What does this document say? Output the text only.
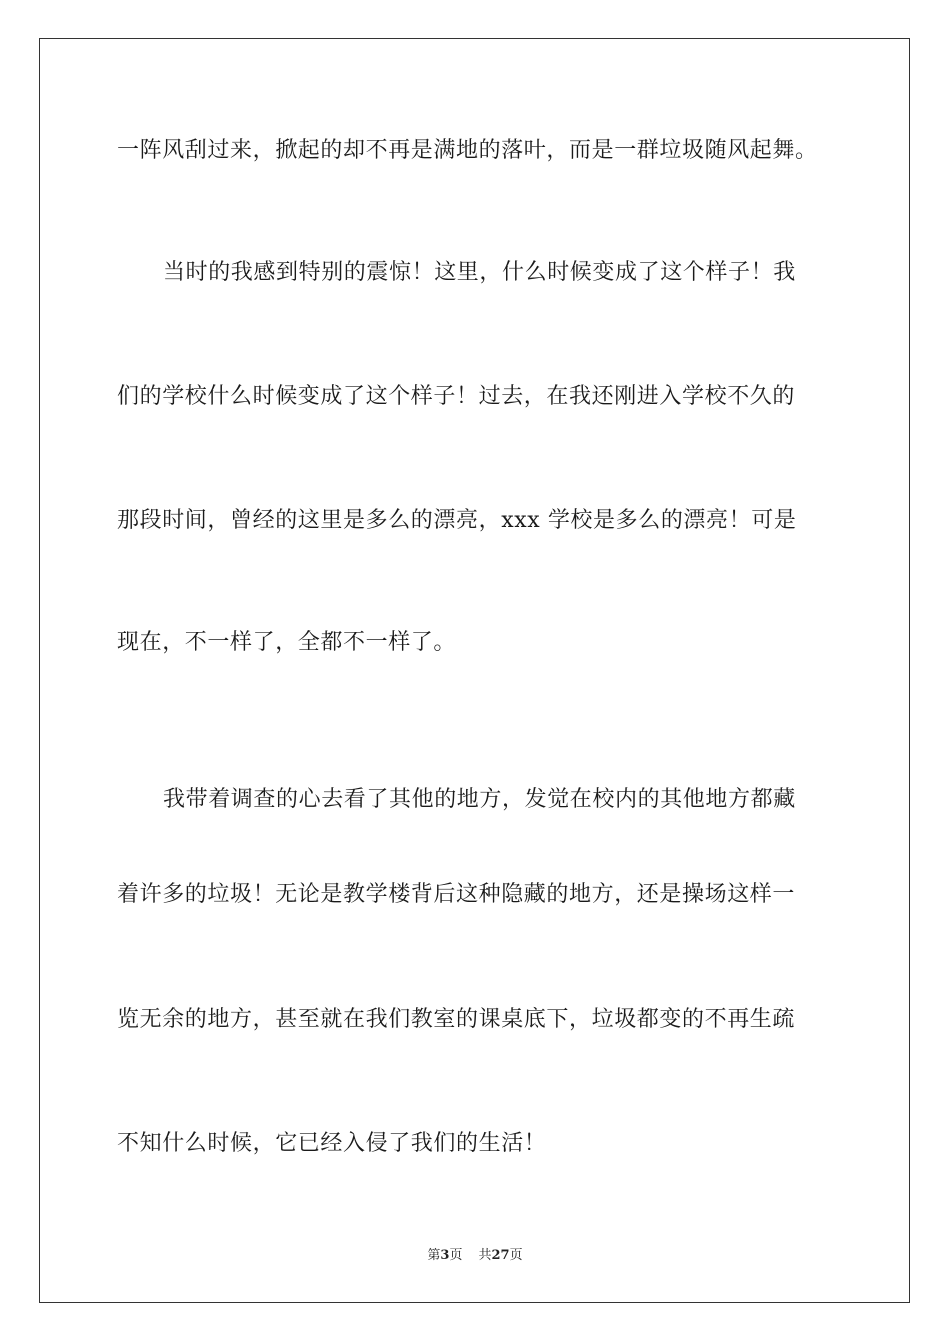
一阵风刮过来，掀起的却不再是满地的落叶，而是一群垃圾随风起舞。
当时的我感到特别的震惊！这里，什么时候变成了这个样子！我
们的学校什么时候变成了这个样子！过去，在我还刚进入学校不久的
那段时间，曾经的这里是多么的漂亮，xxx 学校是多么的漂亮！可是
现在，不一样了，全都不一样了。
我带着调查的心去看了其他的地方，发觉在校内的其他地方都藏
着许多的垃圾！无论是教学楼背后这种隐藏的地方，还是操场这样一
览无余的地方，甚至就在我们教室的课桌底下，垃圾都变的不再生疏
不知什么时候，它已经入侵了我们的生活！
第3页 共27页
